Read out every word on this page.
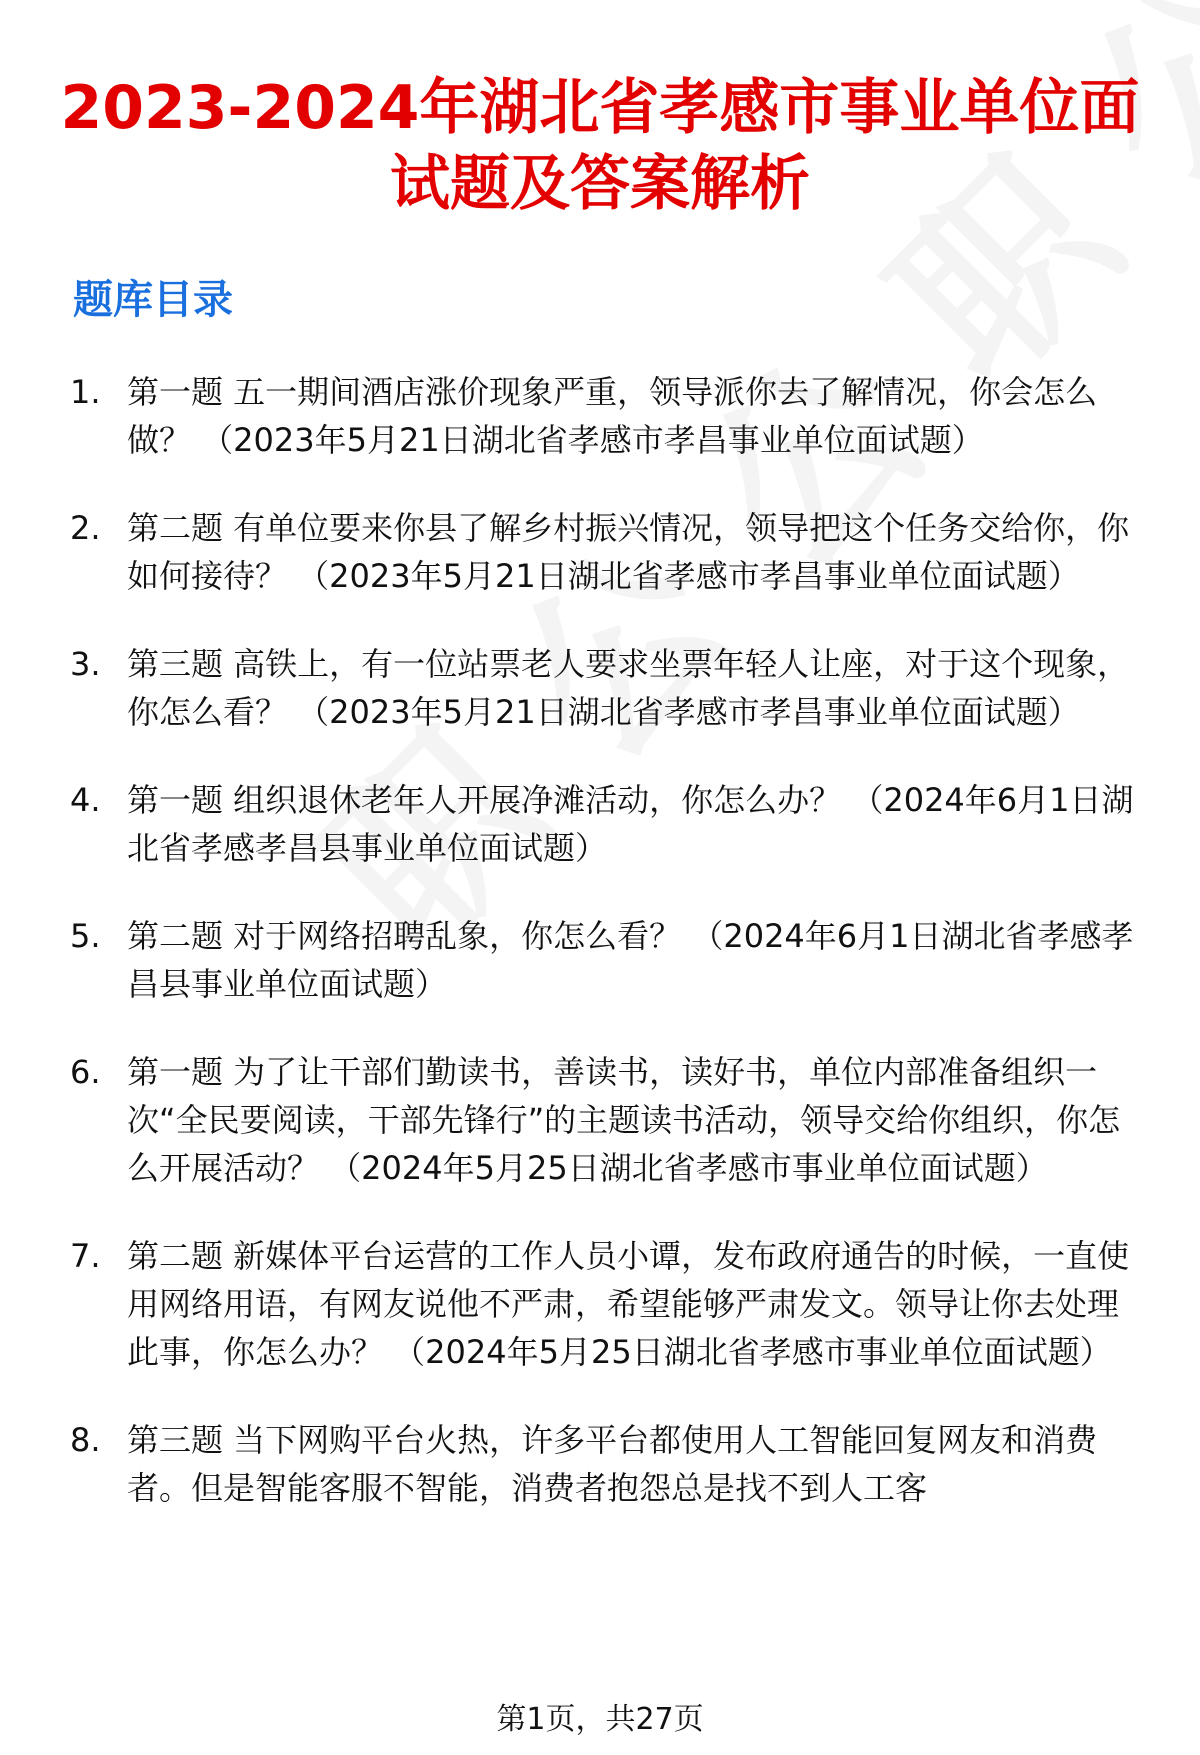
2023-2024年湖北省孝感市事业单位面试题及答案解析
题库目录
1. 第一题 五一期间酒店涨价现象严重，领导派你去了解情况，你会怎么做？ （2023年5月21日湖北省孝感市孝昌事业单位面试题）
2. 第二题 有单位要来你县了解乡村振兴情况，领导把这个任务交给你，你如何接待？ （2023年5月21日湖北省孝感市孝昌事业单位面试题）
3. 第三题 高铁上，有一位站票老人要求坐票年轻人让座，对于这个现象，你怎么看？ （2023年5月21日湖北省孝感市孝昌事业单位面试题）
4. 第一题 组织退休老年人开展净滩活动，你怎么办？ （2024年6月1日湖北省孝感孝昌县事业单位面试题）
5. 第二题 对于网络招聘乱象，你怎么看？ （2024年6月1日湖北省孝感孝昌县事业单位面试题）
6. 第一题 为了让干部们勤读书，善读书，读好书，单位内部准备组织一次“全民要阅读，干部先锋行”的主题读书活动，领导交给你组织，你怎么开展活动？ （2024年5月25日湖北省孝感市事业单位面试题）
7. 第二题 新媒体平台运营的工作人员小谭，发布政府通告的时候，一直使用网络用语，有网友说他不严肃，希望能够严肃发文。领导让你去处理此事，你怎么办？ （2024年5月25日湖北省孝感市事业单位面试题）
8. 第三题 当下网购平台火热，许多平台都使用人工智能回复网友和消费者。但是智能客服不智能，消费者抱怨总是找不到人工客
第1页，共27页
